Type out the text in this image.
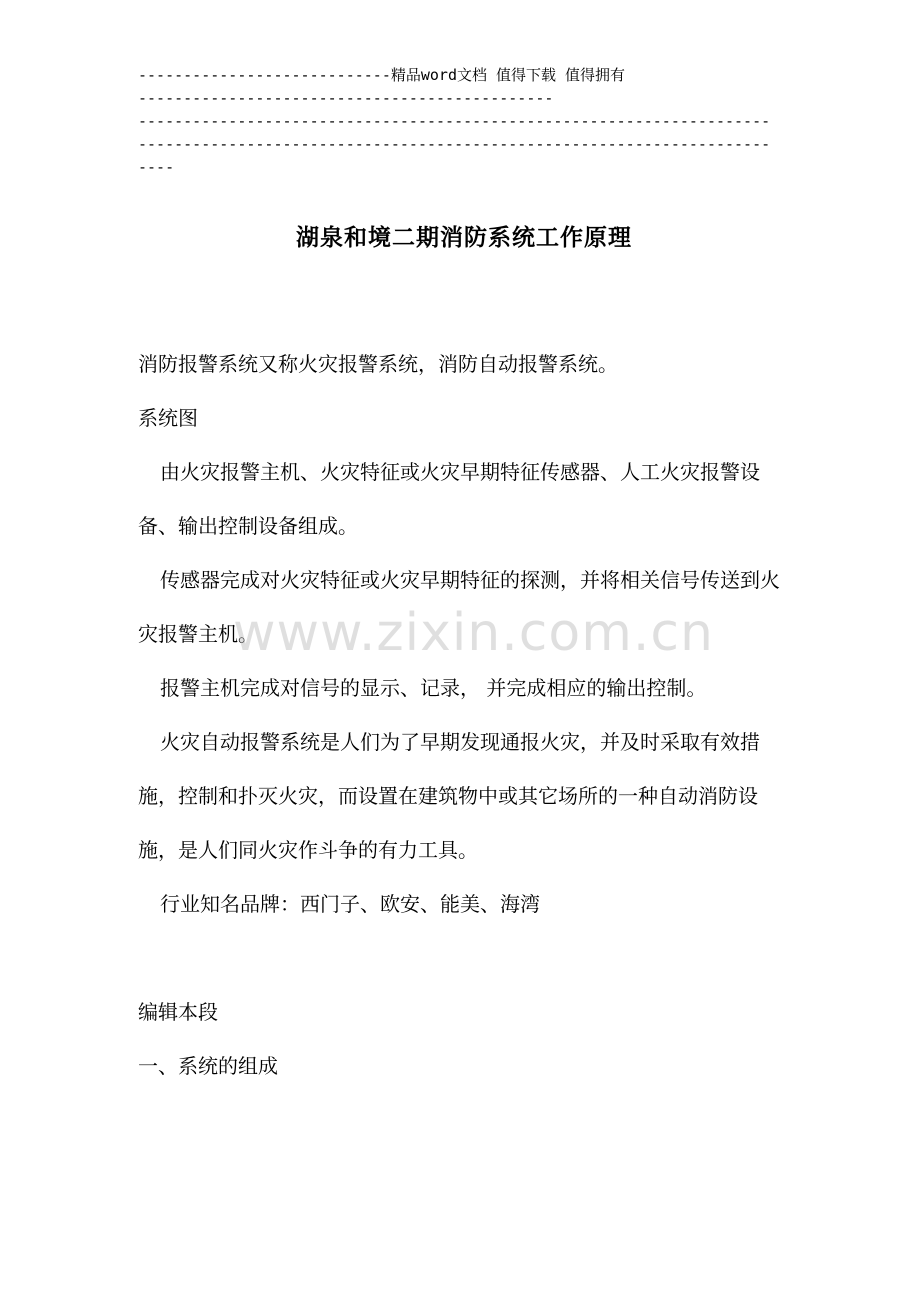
----------------------------精品word文档 值得下载 值得拥有
----------------------------------------------
----------------------------------------------------------------------
----------------------------------------------------------------------
----
湖泉和境二期消防系统工作原理

消防报警系统又称火灾报警系统，消防自动报警系统。

系统图

由火灾报警主机、火灾特征或火灾早期特征传感器、人工火灾报警设备、输出控制设备组成。

传感器完成对火灾特征或火灾早期特征的探测，并将相关信号传送到火灾报警主机。

报警主机完成对信号的显示、记录， 并完成相应的输出控制。

火灾自动报警系统是人们为了早期发现通报火灾，并及时采取有效措施，控制和扑灭火灾，而设置在建筑物中或其它场所的一种自动消防设施，是人们同火灾作斗争的有力工具。

行业知名品牌：西门子、欧安、能美、海湾

编辑本段

一、系统的组成

www.zixin.com.cn
